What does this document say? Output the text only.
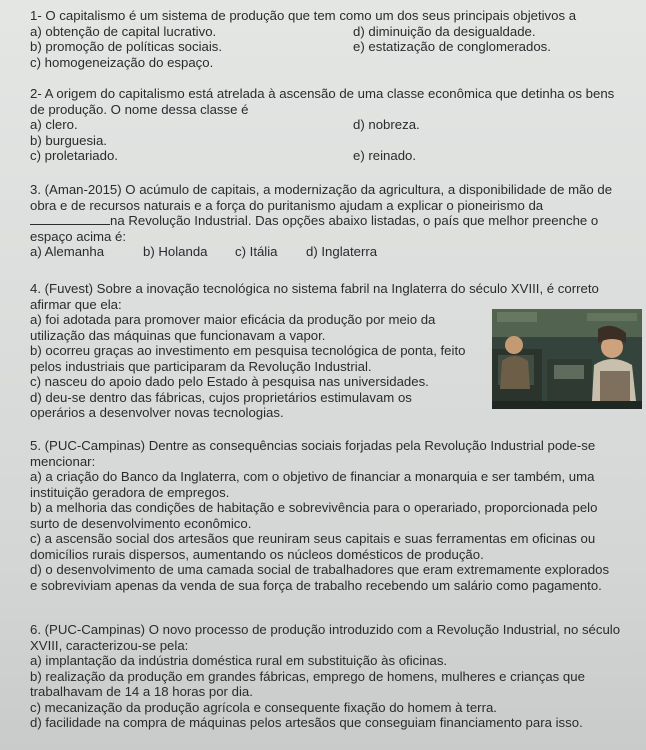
1- O capitalismo é um sistema de produção que tem como um dos seus principais objetivos a
a) obtenção de capital lucrativo.	d) diminuição da desigualdade.
b) promoção de políticas sociais.	e) estatização de conglomerados.
c) homogeneização do espaço.
2- A origem do capitalismo está atrelada à ascensão de uma classe econômica que detinha os bens
de produção. O nome dessa classe é
a) clero.	d) nobreza.
b) burguesia.
c) proletariado.	e) reinado.
3. (Aman-2015) O acúmulo de capitais, a modernização da agricultura, a disponibilidade de mão de
obra e de recursos naturais e a força do puritanismo ajudam a explicar o pioneirismo da
na Revolução Industrial. Das opções abaixo listadas, o país que melhor preenche o
espaço acima é:
a) Alemanha	b) Holanda c) Itália d) Inglaterra
4. (Fuvest) Sobre a inovação tecnológica no sistema fabril na Inglaterra do século XVIII, é correto
afirmar que ela:
a) foi adotada para promover maior eficácia da produção por meio da
utilização das máquinas que funcionavam a vapor.
b) ocorreu graças ao investimento em pesquisa tecnológica de ponta, feito
pelos industriais que participaram da Revolução Industrial.
c) nasceu do apoio dado pelo Estado à pesquisa nas universidades.
d) deu-se dentro das fábricas, cujos proprietários estimulavam os
operários a desenvolver novas tecnologias.
5. (PUC-Campinas) Dentre as consequências sociais forjadas pela Revolução Industrial pode-se
mencionar:
a) a criação do Banco da Inglaterra, com o objetivo de financiar a monarquia e ser também, uma
instituição geradora de empregos.
b) a melhoria das condições de habitação e sobrevivência para o operariado, proporcionada pelo
surto de desenvolvimento econômico.
c) a ascensão social dos artesãos que reuniram seus capitais e suas ferramentas em oficinas ou
domicílios rurais dispersos, aumentando os núcleos domésticos de produção.
d) o desenvolvimento de uma camada social de trabalhadores que eram extremamente explorados
e sobreviviam apenas da venda de sua força de trabalho recebendo um salário como pagamento.
6. (PUC-Campinas) O novo processo de produção introduzido com a Revolução Industrial, no século
XVIII, caracterizou-se pela:
a) implantação da indústria doméstica rural em substituição às oficinas.
b) realização da produção em grandes fábricas, emprego de homens, mulheres e crianças que
trabalhavam de 14 a 18 horas por dia.
c) mecanização da produção agrícola e consequente fixação do homem à terra.
d) facilidade na compra de máquinas pelos artesãos que conseguiam financiamento para isso.
